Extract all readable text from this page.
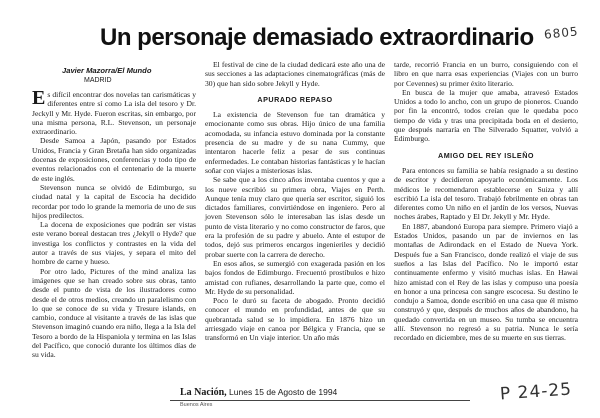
Un personaje demasiado extraordinario 6805
Javier Mazorra/El Mundo
MADRID

Es difícil encontrar dos novelas tan carismáticas y diferentes entre sí como La isla del tesoro y Dr. Jeckyll y Mr. Hyde. Fueron escritas, sin embargo, por una misma persona, R.L. Stevenson, un personaje extraordinario.

Desde Samoa a Japón, pasando por Estados Unidos, Francia y Gran Bretaña han sido organizadas docenas de exposiciones, conferencias y todo tipo de eventos relacionados con el centenario de la muerte de este inglés.

Stevenson nunca se olvidó de Edimburgo, su ciudad natal y la capital de Escocia ha decidido recordar por todo lo grande la memoria de uno de sus hijos predilectos.

La docena de exposiciones que podrán ser vistas este verano boreal destacan tres ¿Jekyll o Hyde? que investiga los conflictos y contrastes en la vida del autor a través de sus viajes, y separa el mito del hombre de carne y hueso.

Por otro lado, Pictures of the mind analiza las imágenes que se han creado sobre sus obras, tanto desde el punto de vista de los ilustradores como desde el de otros medios, creando un paralelismo con lo que se conoce de su vida y Tresure islands, en cambio, conduce al visitante a través de las islas que Stevenson imaginó cuando era niño, llega a la Isla del Tesoro a bordo de la Hispaniola y termina en las Islas del Pacífico, que conoció durante los últimos días de su vida.

El festival de cine de la ciudad dedicará este año una de sus secciones a las adaptaciones cinematográficas (más de 30) que han sido sobre Jekyll y Hyde.

APURADO REPASO

La existencia de Stevenson fue tan dramática y emocionante como sus obras. Hijo único de una familia acomodada, su infancia estuvo dominada por la constante presencia de su madre y de su nana Cummy, que intentaron hacerle feliz a pesar de sus continuas enfermedades. Le contaban historias fantásticas y le hacían soñar con viajes a misteriosas islas.

Se sabe que a los cinco años inventaba cuentos y que a los nueve escribió su primera obra, Viajes en Perth. Aunque tenía muy claro que quería ser escritor, siguió los dictados familiares, convirtiéndose en ingeniero. Pero al joven Stevenson sólo le interesaban las islas desde un punto de vista literario y no como constructor de faros, que era la profesión de su padre y abuelo. Ante el estupor de todos, dejó sus primeros encargos ingenieriles y decidió probar suerte con la carrera de derecho.

En esos años, se sumergió con exagerada pasión en los bajos fondos de Edimburgo. Frecuentó prostíbulos e hizo amistad con rufianes, desarrollando la parte que, como el Mr. Hyde de su personalidad.

Poco le duró su faceta de abogado. Pronto decidió conocer el mundo en profundidad, antes de que su quebrantada salud se lo impidiera. En 1876 hizo un arriesgado viaje en canoa por Bélgica y Francia, que se transformó en Un viaje interior. Un año más

tarde, recorrió Francia en un burro, consiguiendo con el libro en que narra esas experiencias (Viajes con un burro por Cevennes) su primer éxito literario.

En busca de la mujer que amaba, atravesó Estados Unidos a todo lo ancho, con un grupo de pioneros. Cuando por fin la encontró, todos creían que le quedaba poco tiempo de vida y tras una precipitada boda en el desierto, que después narraría en The Silverado Squatter, volvió a Edimburgo.

AMIGO DEL REY ISLEÑO

Para entonces su familia se había resignado a su destino de escritor y decidieron apoyarlo económicamente. Los médicos le recomendaron establecerse en Suiza y allí escribió La isla del tesoro. Trabajó febrilmente en obras tan diferentes como Un niño en el jardín de los versos, Nuevas noches árabes, Raptado y El Dr. Jekyll y Mr. Hyde.

En 1887, abandonó Europa para siempre. Primero viajó a Estados Unidos, pasando un par de inviernos en las montañas de Adirondack en el Estado de Nueva York. Después fue a San Francisco, donde realizó el viaje de sus sueños a las Islas del Pacífico. No le importó estar continuamente enfermo y visitó muchas islas. En Hawai hizo amistad con el Rey de las islas y compuso una poesía en honor a una princesa con sangre escocesa. Su destino le condujo a Samoa, donde escribió en una casa que él mismo construyó y que, después de muchos años de abandono, ha quedado convertida en un museo. Su tumba se encuentra allí. Stevenson no regresó a su patria. Nunca le sería recordado en diciembre, mes de su muerte en sus tierras.

La Nación, Lunes 15 de Agosto de 1994
Buenos Aires
P 24-25
